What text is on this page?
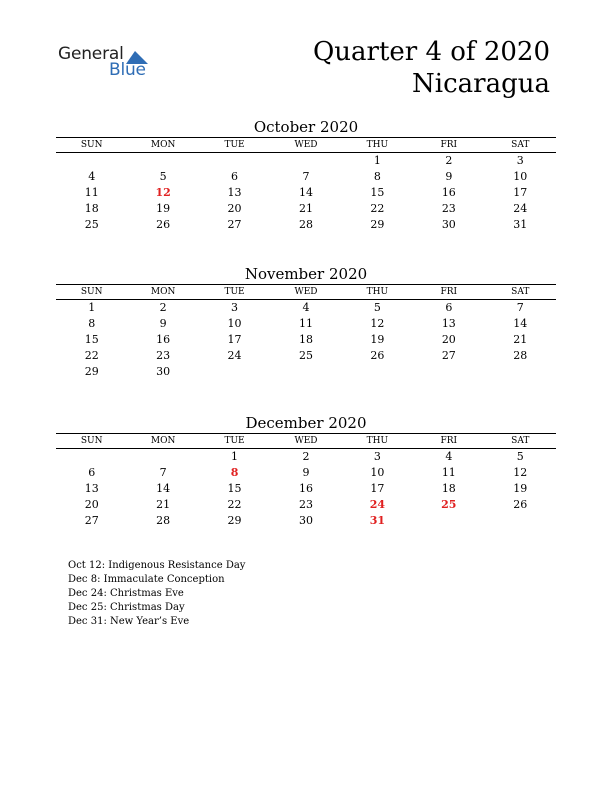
General
Blue
Quarter 4 of 2020
Nicaragua
October 2020
SUN	MON	TUE	WED	THU	FRI	SAT
				1	2	3
4	5	6	7	8	9	10
11	12	13	14	15	16	17
18	19	20	21	22	23	24
25	26	27	28	29	30	31
November 2020
SUN	MON	TUE	WED	THU	FRI	SAT
1	2	3	4	5	6	7
8	9	10	11	12	13	14
15	16	17	18	19	20	21
22	23	24	25	26	27	28
29	30					
December 2020
SUN	MON	TUE	WED	THU	FRI	SAT
		1	2	3	4	5
6	7	8	9	10	11	12
13	14	15	16	17	18	19
20	21	22	23	24	25	26
27	28	29	30	31		
Oct 12: Indigenous Resistance Day
Dec 8: Immaculate Conception
Dec 24: Christmas Eve
Dec 25: Christmas Day
Dec 31: New Year’s Eve
